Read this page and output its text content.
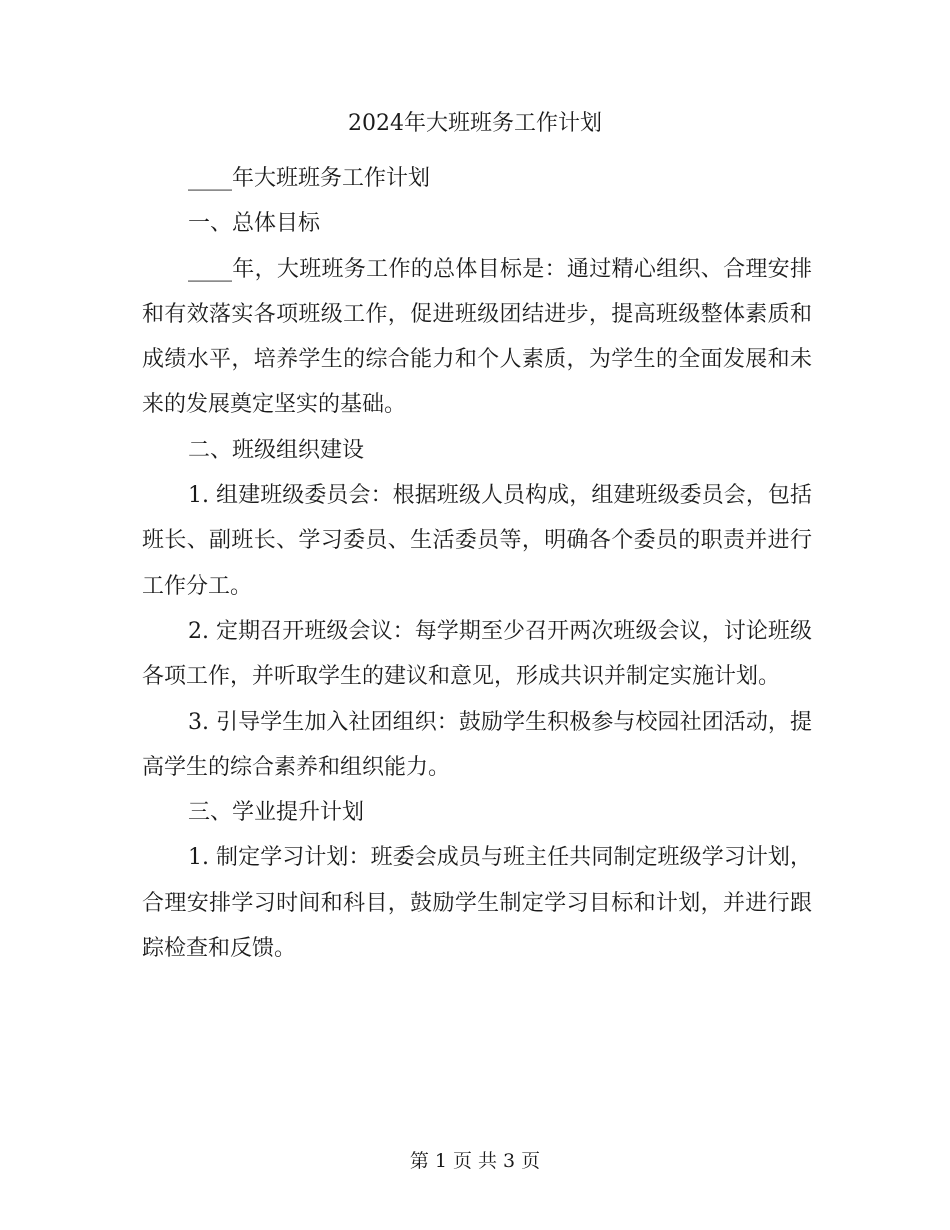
2024年大班班务工作计划

____年大班班务工作计划

一、总体目标

____年，大班班务工作的总体目标是：通过精心组织、合理安排和有效落实各项班级工作，促进班级团结进步，提高班级整体素质和成绩水平，培养学生的综合能力和个人素质，为学生的全面发展和未来的发展奠定坚实的基础。

二、班级组织建设

1. 组建班级委员会：根据班级人员构成，组建班级委员会，包括班长、副班长、学习委员、生活委员等，明确各个委员的职责并进行工作分工。

2. 定期召开班级会议：每学期至少召开两次班级会议，讨论班级各项工作，并听取学生的建议和意见，形成共识并制定实施计划。

3. 引导学生加入社团组织：鼓励学生积极参与校园社团活动，提高学生的综合素养和组织能力。

三、学业提升计划

1. 制定学习计划：班委会成员与班主任共同制定班级学习计划，合理安排学习时间和科目，鼓励学生制定学习目标和计划，并进行跟踪检查和反馈。

第 1 页 共 3 页
